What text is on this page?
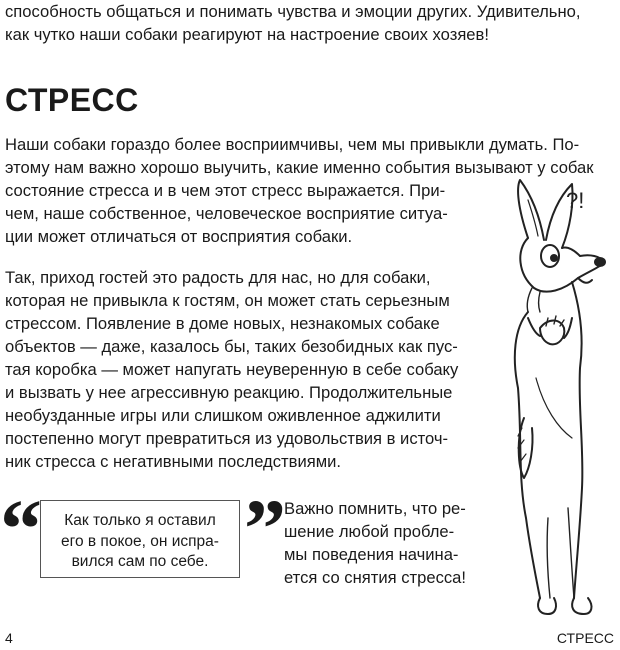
способность общаться и понимать чувства и эмоции других. Удивительно,
как чутко наши собаки реагируют на настроение своих хозяев!
СТРЕСС
Наши собаки гораздо более восприимчивы, чем мы привыкли думать. По-
этому нам важно хорошо выучить, какие именно события вызывают у собак
состояние стресса и в чем этот стресс выражается. При-
чем, наше собственное, человеческое восприятие ситуа-
ции может отличаться от восприятия собаки.
Так, приход гостей это радость для нас, но для собаки,
которая не привыкла к гостям, он может стать серьезным
стрессом. Появление в доме новых, незнакомых собаке
объектов — даже, казалось бы, таких безобидных как пус-
тая коробка — может напугать неуверенную в себе собаку
и вызвать у нее агрессивную реакцию. Продолжительные
необузданные игры или слишком оживленное аджилити
постепенно могут превратиться из удовольствия в источ-
ник стресса с негативными последствиями.
“	Как только я оставил
его в покое, он испра-
вился сам по себе. ”
Важно помнить, что ре-
шение любой пробле-
мы поведения начина-
ется со снятия стресса!
?!
4	СТРЕСС
